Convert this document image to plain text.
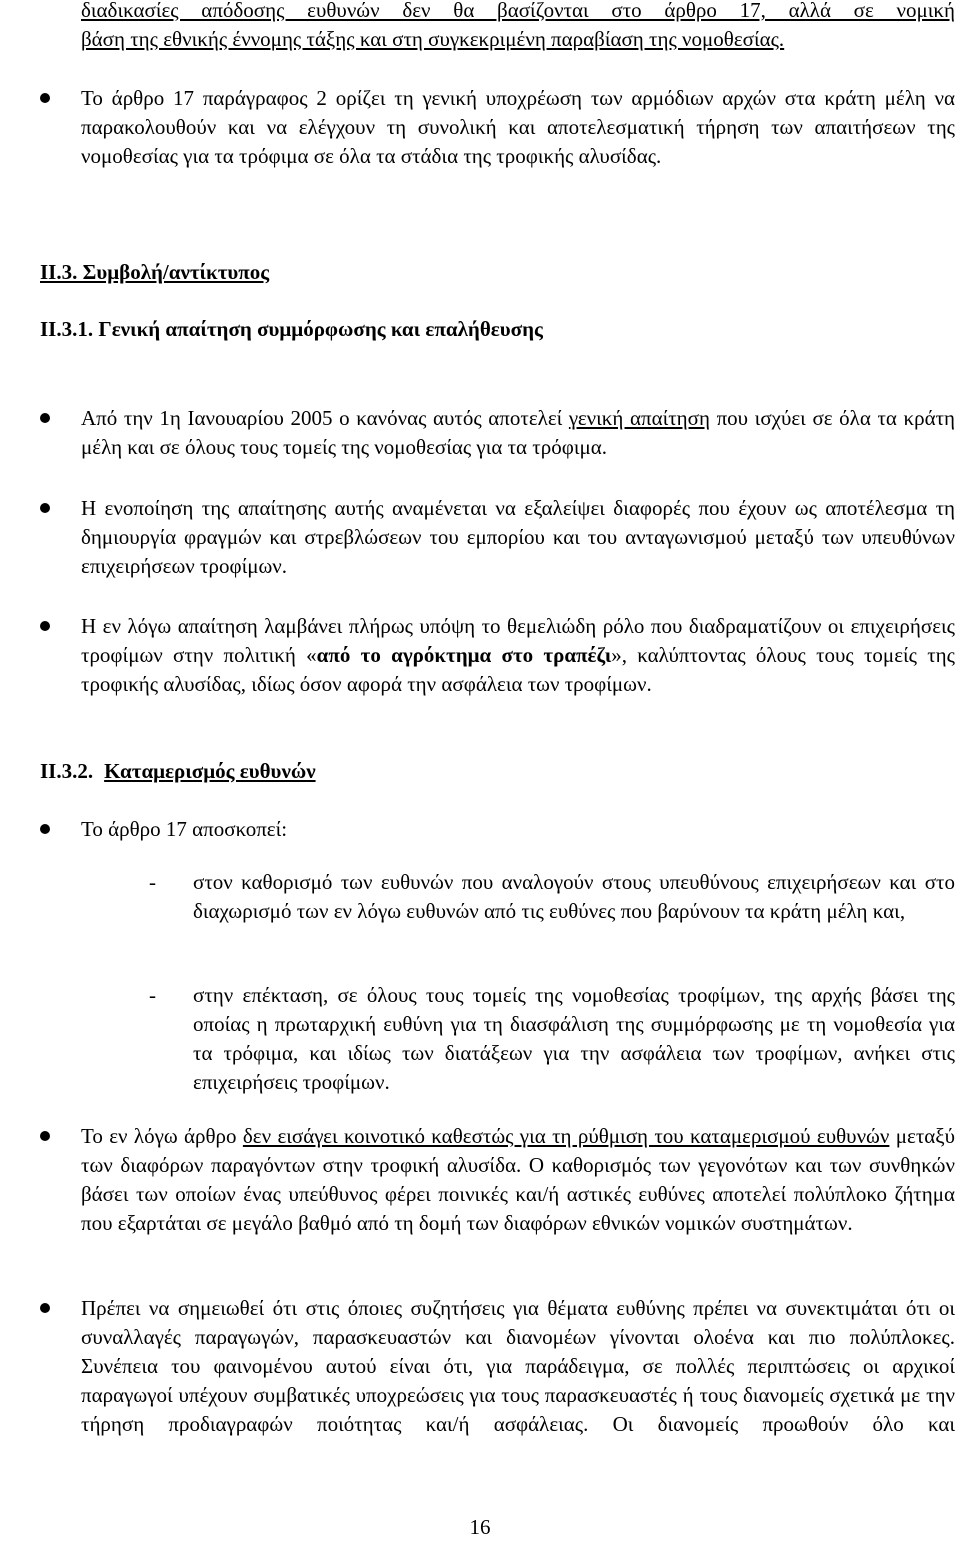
διαδικασίες απόδοσης ευθυνών δεν θα βασίζονται στο άρθρο 17, αλλά σε νομική

βάση της εθνικής έννομης τάξης και στη συγκεκριμένη παραβίαση της νομοθεσίας.

Το άρθρο 17 παράγραφος 2 ορίζει τη γενική υποχρέωση των αρμόδιων αρχών στα κράτη μέλη να παρακολουθούν και να ελέγχουν τη συνολική και αποτελεσματική τήρηση των απαιτήσεων της νομοθεσίας για τα τρόφιμα σε όλα τα στάδια της τροφικής αλυσίδας.

ΙΙ.3. Συμβολή/αντίκτυπος

ΙΙ.3.1. Γενική απαίτηση συμμόρφωσης και επαλήθευσης

Από την 1η Ιανουαρίου 2005 ο κανόνας αυτός αποτελεί γενική απαίτηση που ισχύει σε όλα τα κράτη μέλη και σε όλους τους τομείς της νομοθεσίας για τα τρόφιμα.

Η ενοποίηση της απαίτησης αυτής αναμένεται να εξαλείψει διαφορές που έχουν ως αποτέλεσμα τη δημιουργία φραγμών και στρεβλώσεων του εμπορίου και του ανταγωνισμού μεταξύ των υπευθύνων επιχειρήσεων τροφίμων.

Η εν λόγω απαίτηση λαμβάνει πλήρως υπόψη το θεμελιώδη ρόλο που διαδραματίζουν οι επιχειρήσεις τροφίμων στην πολιτική «από το αγρόκτημα στο τραπέζι», καλύπτοντας όλους τους τομείς της τροφικής αλυσίδας, ιδίως όσον αφορά την ασφάλεια των τροφίμων.

ΙΙ.3.2. Καταμερισμός ευθυνών

Το άρθρο 17 αποσκοπεί:

- στον καθορισμό των ευθυνών που αναλογούν στους υπευθύνους επιχειρήσεων και στο διαχωρισμό των εν λόγω ευθυνών από τις ευθύνες που βαρύνουν τα κράτη μέλη και,

- στην επέκταση, σε όλους τους τομείς της νομοθεσίας τροφίμων, της αρχής βάσει της οποίας η πρωταρχική ευθύνη για τη διασφάλιση της συμμόρφωσης με τη νομοθεσία για τα τρόφιμα, και ιδίως των διατάξεων για την ασφάλεια των τροφίμων, ανήκει στις επιχειρήσεις τροφίμων.

Το εν λόγω άρθρο δεν εισάγει κοινοτικό καθεστώς για τη ρύθμιση του καταμερισμού ευθυνών μεταξύ των διαφόρων παραγόντων στην τροφική αλυσίδα. Ο καθορισμός των γεγονότων και των συνθηκών βάσει των οποίων ένας υπεύθυνος φέρει ποινικές και/ή αστικές ευθύνες αποτελεί πολύπλοκο ζήτημα που εξαρτάται σε μεγάλο βαθμό από τη δομή των διαφόρων εθνικών νομικών συστημάτων.

Πρέπει να σημειωθεί ότι στις όποιες συζητήσεις για θέματα ευθύνης πρέπει να συνεκτιμάται ότι οι συναλλαγές παραγωγών, παρασκευαστών και διανομέων γίνονται ολοένα και πιο πολύπλοκες. Συνέπεια του φαινομένου αυτού είναι ότι, για παράδειγμα, σε πολλές περιπτώσεις οι αρχικοί παραγωγοί υπέχουν συμβατικές υποχρεώσεις για τους παρασκευαστές ή τους διανομείς σχετικά με την τήρηση προδιαγραφών ποιότητας και/ή ασφάλειας. Οι διανομείς προωθούν όλο και

16
